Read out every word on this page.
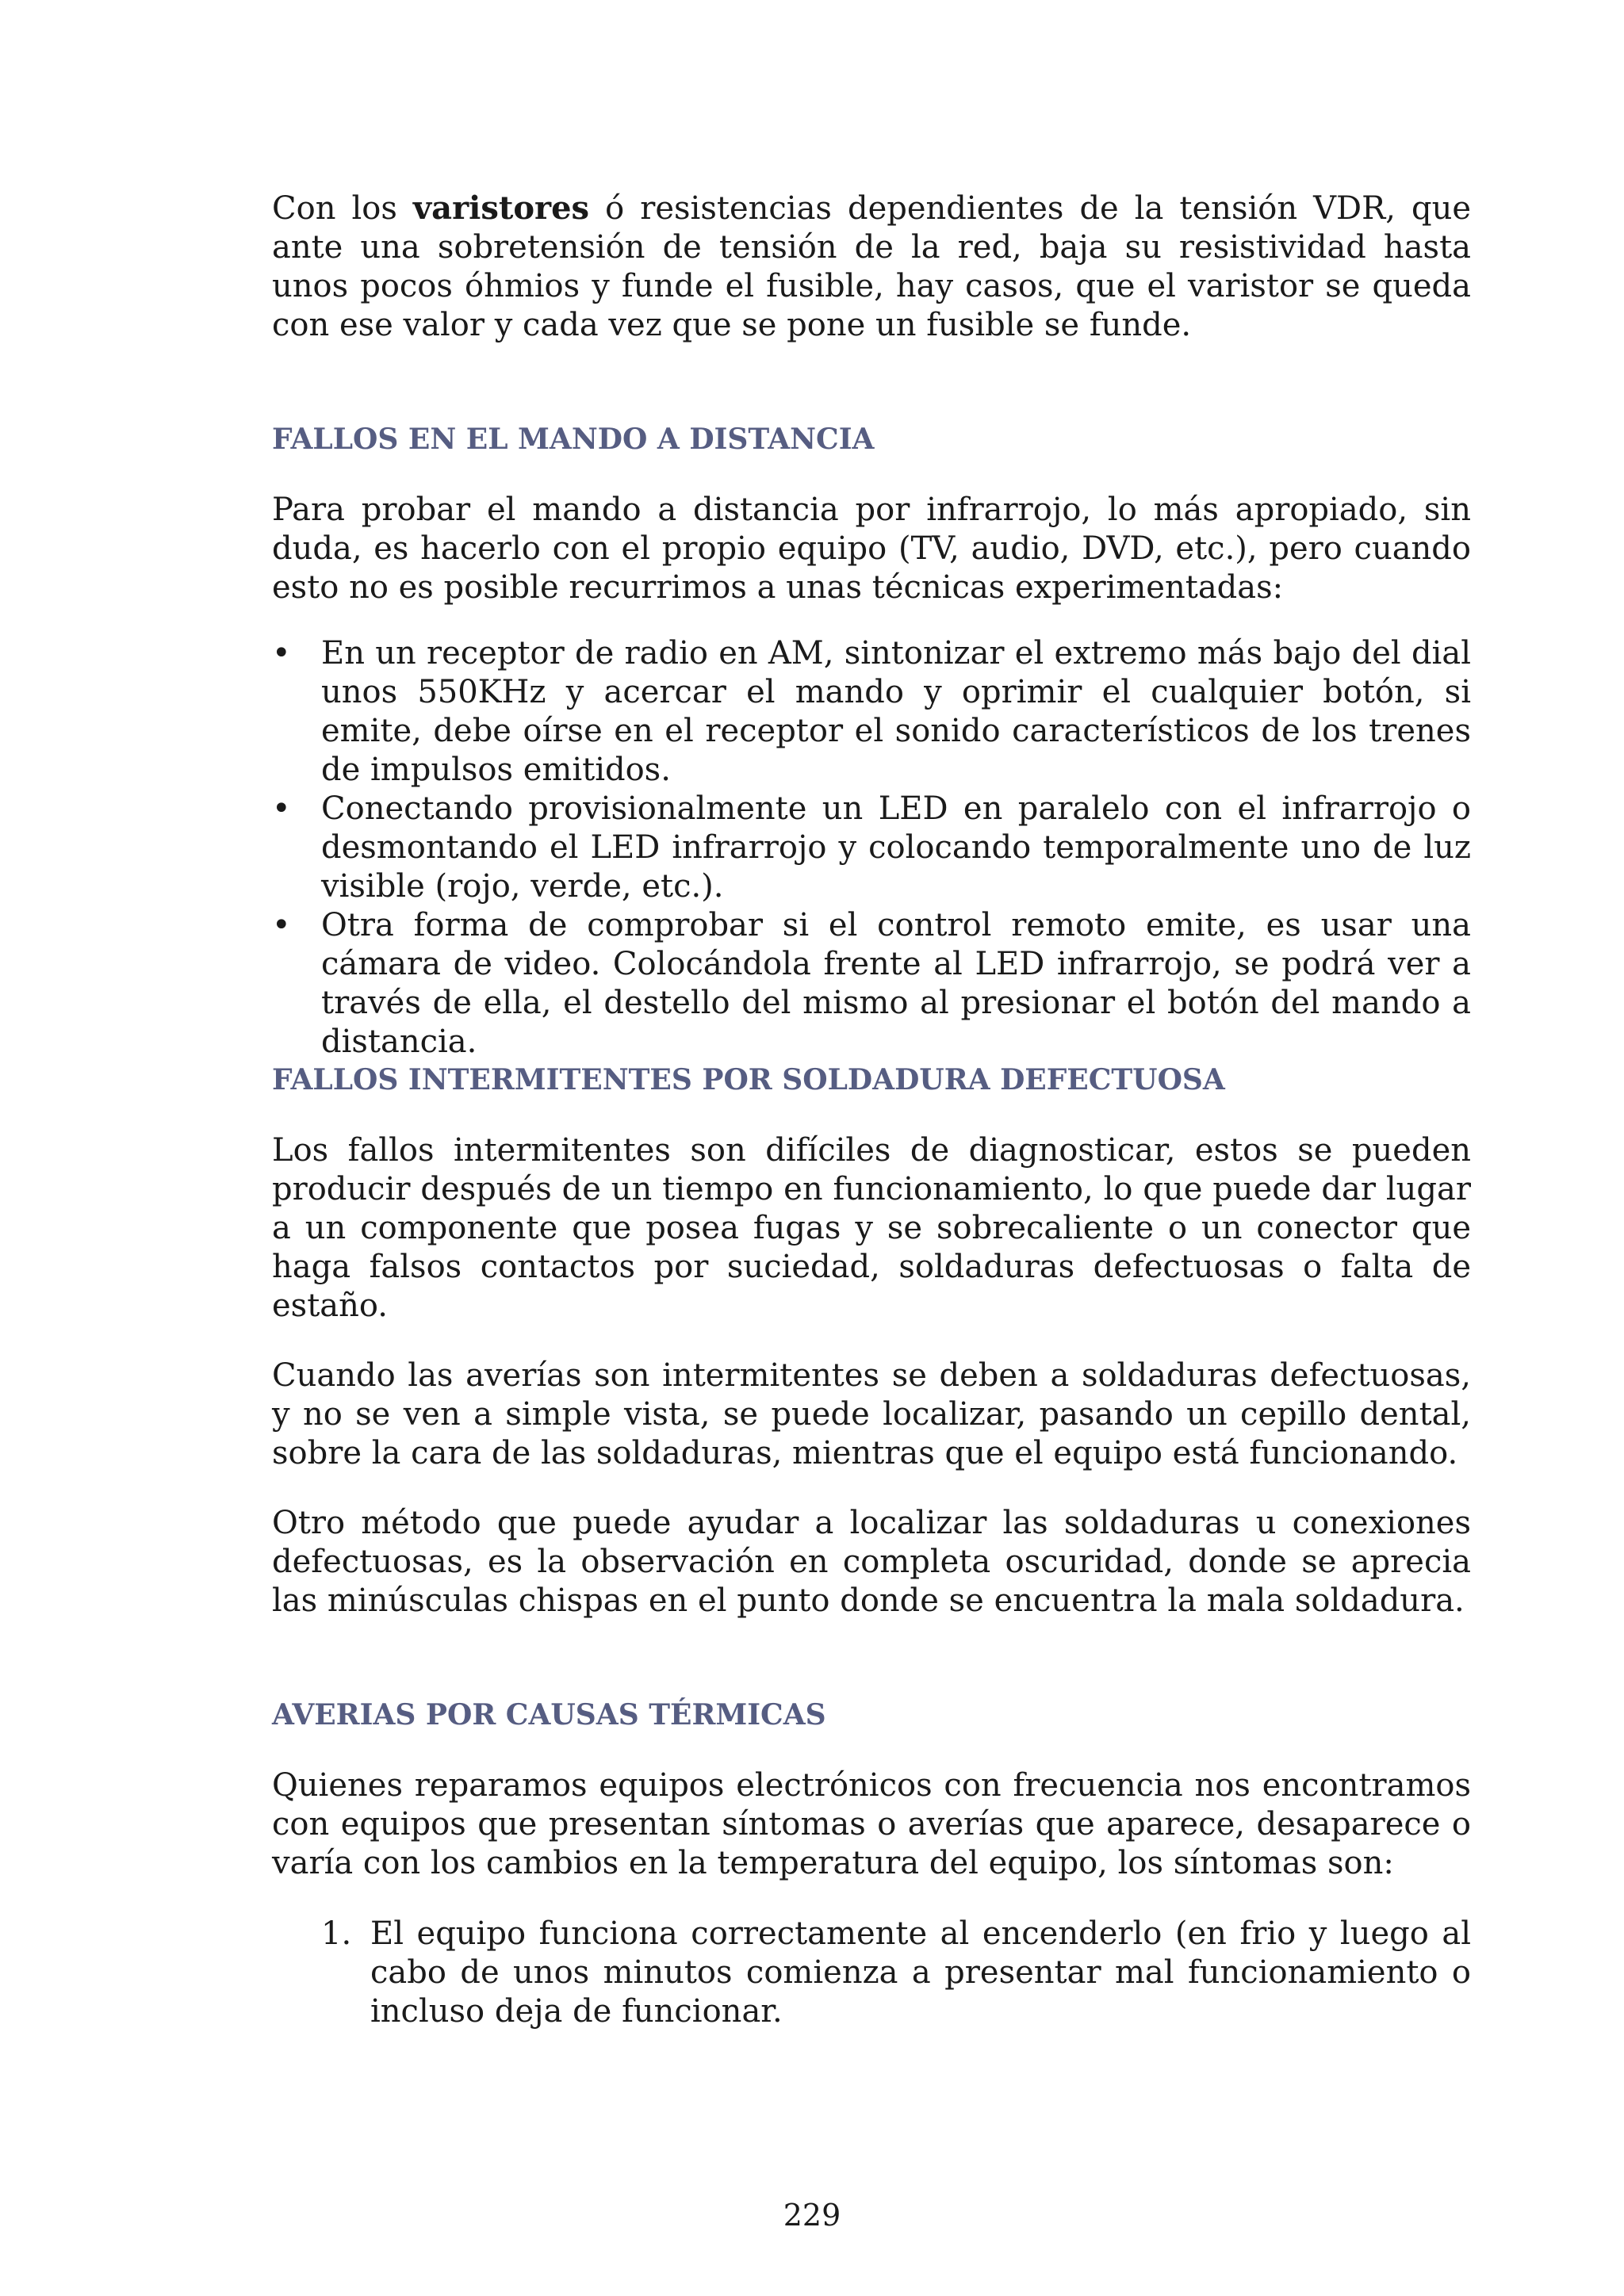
Con los varistores ó resistencias dependientes de la tensión VDR, que ante una sobretensión de tensión de la red, baja su resistividad hasta unos pocos óhmios y funde el fusible, hay casos, que el varistor se queda con ese valor y cada vez que se pone un fusible se funde.

FALLOS EN EL MANDO A DISTANCIA

Para probar el mando a distancia por infrarrojo, lo más apropiado, sin duda, es hacerlo con el propio equipo (TV, audio, DVD, etc.), pero cuando esto no es posible recurrimos a unas técnicas experimentadas:

• En un receptor de radio en AM, sintonizar el extremo más bajo del dial unos 550KHz y acercar el mando y oprimir el cualquier botón, si emite, debe oírse en el receptor el sonido característicos de los trenes de impulsos emitidos.
• Conectando provisionalmente un LED en paralelo con el infrarrojo o desmontando el LED infrarrojo y colocando temporalmente uno de luz visible (rojo, verde, etc.).
• Otra forma de comprobar si el control remoto emite, es usar una cámara de video. Colocándola frente al LED infrarrojo, se podrá ver a través de ella, el destello del mismo al presionar el botón del mando a distancia.
FALLOS INTERMITENTES POR SOLDADURA DEFECTUOSA

Los fallos intermitentes son difíciles de diagnosticar, estos se pueden producir después de un tiempo en funcionamiento, lo que puede dar lugar a un componente que posea fugas y se sobrecaliente o un conector que haga falsos contactos por suciedad, soldaduras defectuosas o falta de estaño.

Cuando las averías son intermitentes se deben a soldaduras defectuosas, y no se ven a simple vista, se puede localizar, pasando un cepillo dental, sobre la cara de las soldaduras, mientras que el equipo está funcionando.

Otro método que puede ayudar a localizar las soldaduras u conexiones defectuosas, es la observación en completa oscuridad, donde se aprecia las minúsculas chispas en el punto donde se encuentra la mala soldadura.

AVERIAS POR CAUSAS TÉRMICAS

Quienes reparamos equipos electrónicos con frecuencia nos encontramos con equipos que presentan síntomas o averías que aparece, desaparece o varía con los cambios en la temperatura del equipo, los síntomas son:

1. El equipo funciona correctamente al encenderlo (en frio y luego al cabo de unos minutos comienza a presentar mal funcionamiento o incluso deja de funcionar.
229
